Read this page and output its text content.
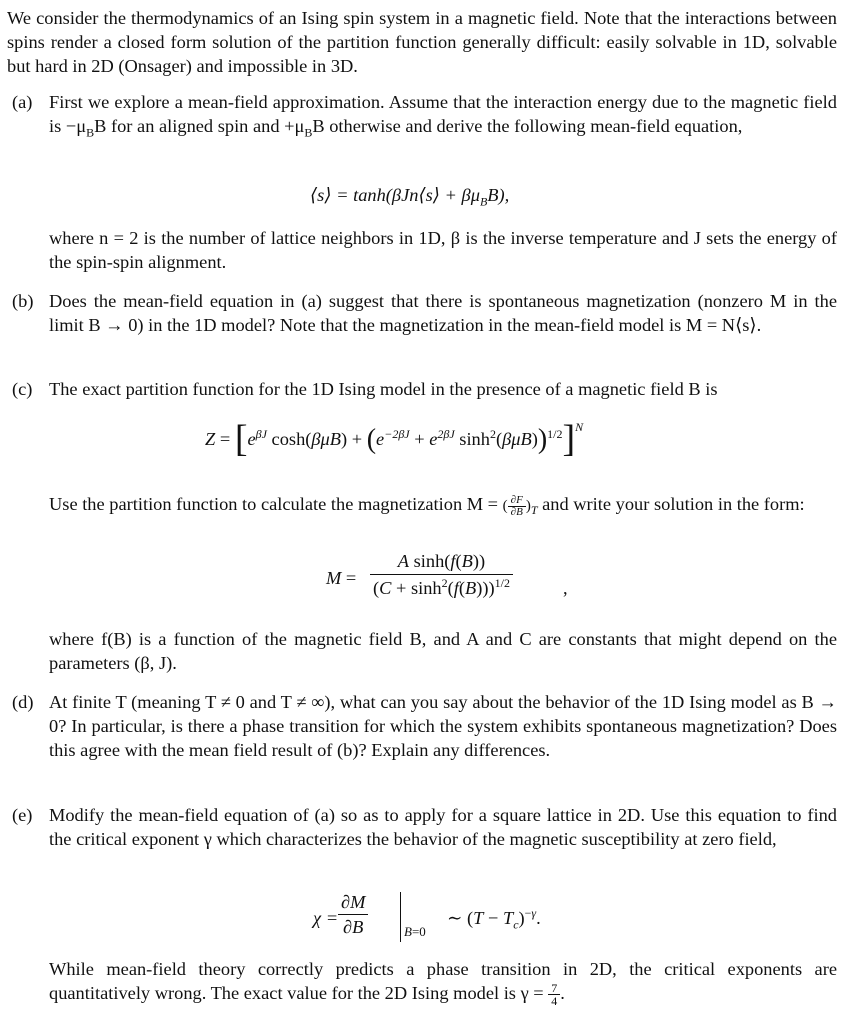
We consider the thermodynamics of an Ising spin system in a magnetic field. Note that the interactions between spins render a closed form solution of the partition function generally difficult: easily solvable in 1D, solvable but hard in 2D (Onsager) and impossible in 3D.
(a) First we explore a mean-field approximation. Assume that the interaction energy due to the magnetic field is $-\mu_BB$ for an aligned spin and $+\mu_BB$ otherwise and derive the following mean-field equation,
⟨s⟩ = tanh(βJn⟨s⟩ + $\beta\mu_BB$),
where n = 2 is the number of lattice neighbors in 1D, β is the inverse temperature and J sets the energy of the spin-spin alignment.
(b) Does the mean-field equation in (a) suggest that there is spontaneous magnetization (nonzero M in the limit B → 0) in the 1D model? Note that the magnetization in the mean-field model is M = N⟨s⟩.
(c) The exact partition function for the 1D Ising model in the presence of a magnetic field B is
$Z = [e^{\beta J}$ $\cosh(\beta\mu B) + (e^{-2\beta J} + e^{2\beta J}$ $\sinh^2(\beta\mu B))^{1/2}]^N$
Use the partition function to calculate the magnetization M = ( $\frac{\partial F}{\partial B} )_T$ and write your solution in the form:
$M = \frac{\text{A sinh(f(B))}}{(C + \sinh^2(f(B)))^{1/2}}$	,
where f(B) is a function of the magnetic field B, and A and C are constants that might depend on the parameters (β, J).
(d) At finite T (meaning T ≠ 0 and T ≠ ∞), what can you say about the behavior of the 1D Ising model as B → 0? In particular, is there a phase transition for which the system exhibits spontaneous magnetization? Does this agree with the mean field result of (b)? Explain any differences.
(e) Modify the mean-field equation of (a) so as to apply for a square lattice in 2D. Use this equation to find the critical exponent γ which characterizes the behavior of the magnetic susceptibility at zero field,
$\chi = \frac{\partial M}{\partial B}$	B=0
∼ $(T - T_c)^{-\gamma}$.
While mean-field theory correctly predicts a phase transition in 2D, the critical exponents are quantitatively wrong. The exact value for the 2D Ising model is $\gamma = \frac{7}{4}$ .
